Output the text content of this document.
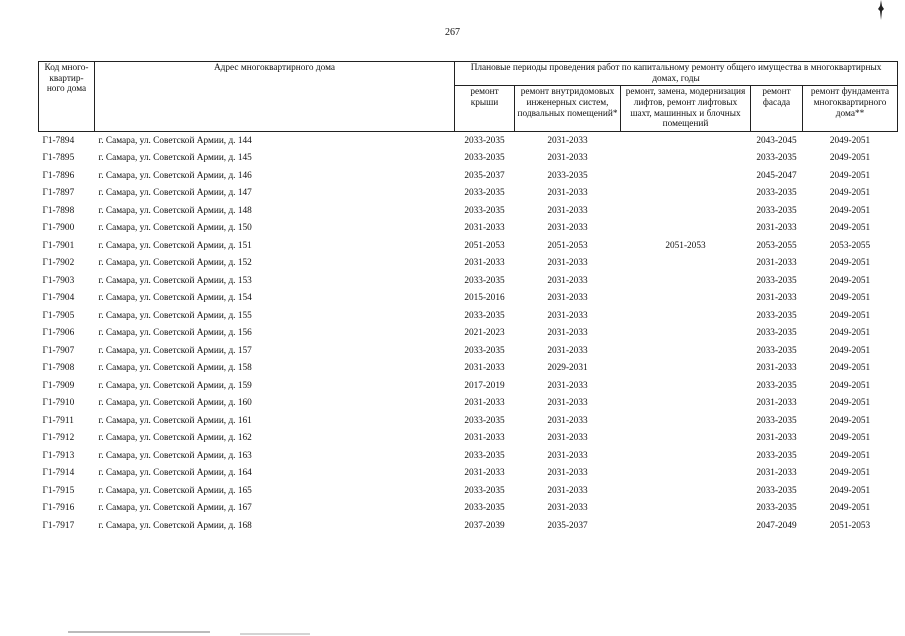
267
Код много-квартир-ного дома	Адрес многоквартирного дома	Плановые периоды проведения работ по капитальному ремонту общего имущества в многоквартирных домах, годы				
		ремонт крыши	ремонт внутридомовых инженерных систем, подвальных помещений*	ремонт, замена, модернизация лифтов, ремонт лифтовых шахт, машинных и блочных помещений	ремонт фасада	ремонт фундамента многоквартирного дома**
Г1-7894	г. Самара, ул. Советской Армии, д. 144	2033-2035	2031-2033		2043-2045	2049-2051
Г1-7895	г. Самара, ул. Советской Армии, д. 145	2033-2035	2031-2033		2033-2035	2049-2051
Г1-7896	г. Самара, ул. Советской Армии, д. 146	2035-2037	2033-2035		2045-2047	2049-2051
Г1-7897	г. Самара, ул. Советской Армии, д. 147	2033-2035	2031-2033		2033-2035	2049-2051
Г1-7898	г. Самара, ул. Советской Армии, д. 148	2033-2035	2031-2033		2033-2035	2049-2051
Г1-7900	г. Самара, ул. Советской Армии, д. 150	2031-2033	2031-2033		2031-2033	2049-2051
Г1-7901	г. Самара, ул. Советской Армии, д. 151	2051-2053	2051-2053	2051-2053	2053-2055	2053-2055
Г1-7902	г. Самара, ул. Советской Армии, д. 152	2031-2033	2031-2033		2031-2033	2049-2051
Г1-7903	г. Самара, ул. Советской Армии, д. 153	2033-2035	2031-2033		2033-2035	2049-2051
Г1-7904	г. Самара, ул. Советской Армии, д. 154	2015-2016	2031-2033		2031-2033	2049-2051
Г1-7905	г. Самара, ул. Советской Армии, д. 155	2033-2035	2031-2033		2033-2035	2049-2051
Г1-7906	г. Самара, ул. Советской Армии, д. 156	2021-2023	2031-2033		2033-2035	2049-2051
Г1-7907	г. Самара, ул. Советской Армии, д. 157	2033-2035	2031-2033		2033-2035	2049-2051
Г1-7908	г. Самара, ул. Советской Армии, д. 158	2031-2033	2029-2031		2031-2033	2049-2051
Г1-7909	г. Самара, ул. Советской Армии, д. 159	2017-2019	2031-2033		2033-2035	2049-2051
Г1-7910	г. Самара, ул. Советской Армии, д. 160	2031-2033	2031-2033		2031-2033	2049-2051
Г1-7911	г. Самара, ул. Советской Армии, д. 161	2033-2035	2031-2033		2033-2035	2049-2051
Г1-7912	г. Самара, ул. Советской Армии, д. 162	2031-2033	2031-2033		2031-2033	2049-2051
Г1-7913	г. Самара, ул. Советской Армии, д. 163	2033-2035	2031-2033		2033-2035	2049-2051
Г1-7914	г. Самара, ул. Советской Армии, д. 164	2031-2033	2031-2033		2031-2033	2049-2051
Г1-7915	г. Самара, ул. Советской Армии, д. 165	2033-2035	2031-2033		2033-2035	2049-2051
Г1-7916	г. Самара, ул. Советской Армии, д. 167	2033-2035	2031-2033		2033-2035	2049-2051
Г1-7917	г. Самара, ул. Советской Армии, д. 168	2037-2039	2035-2037		2047-2049	2051-2053
